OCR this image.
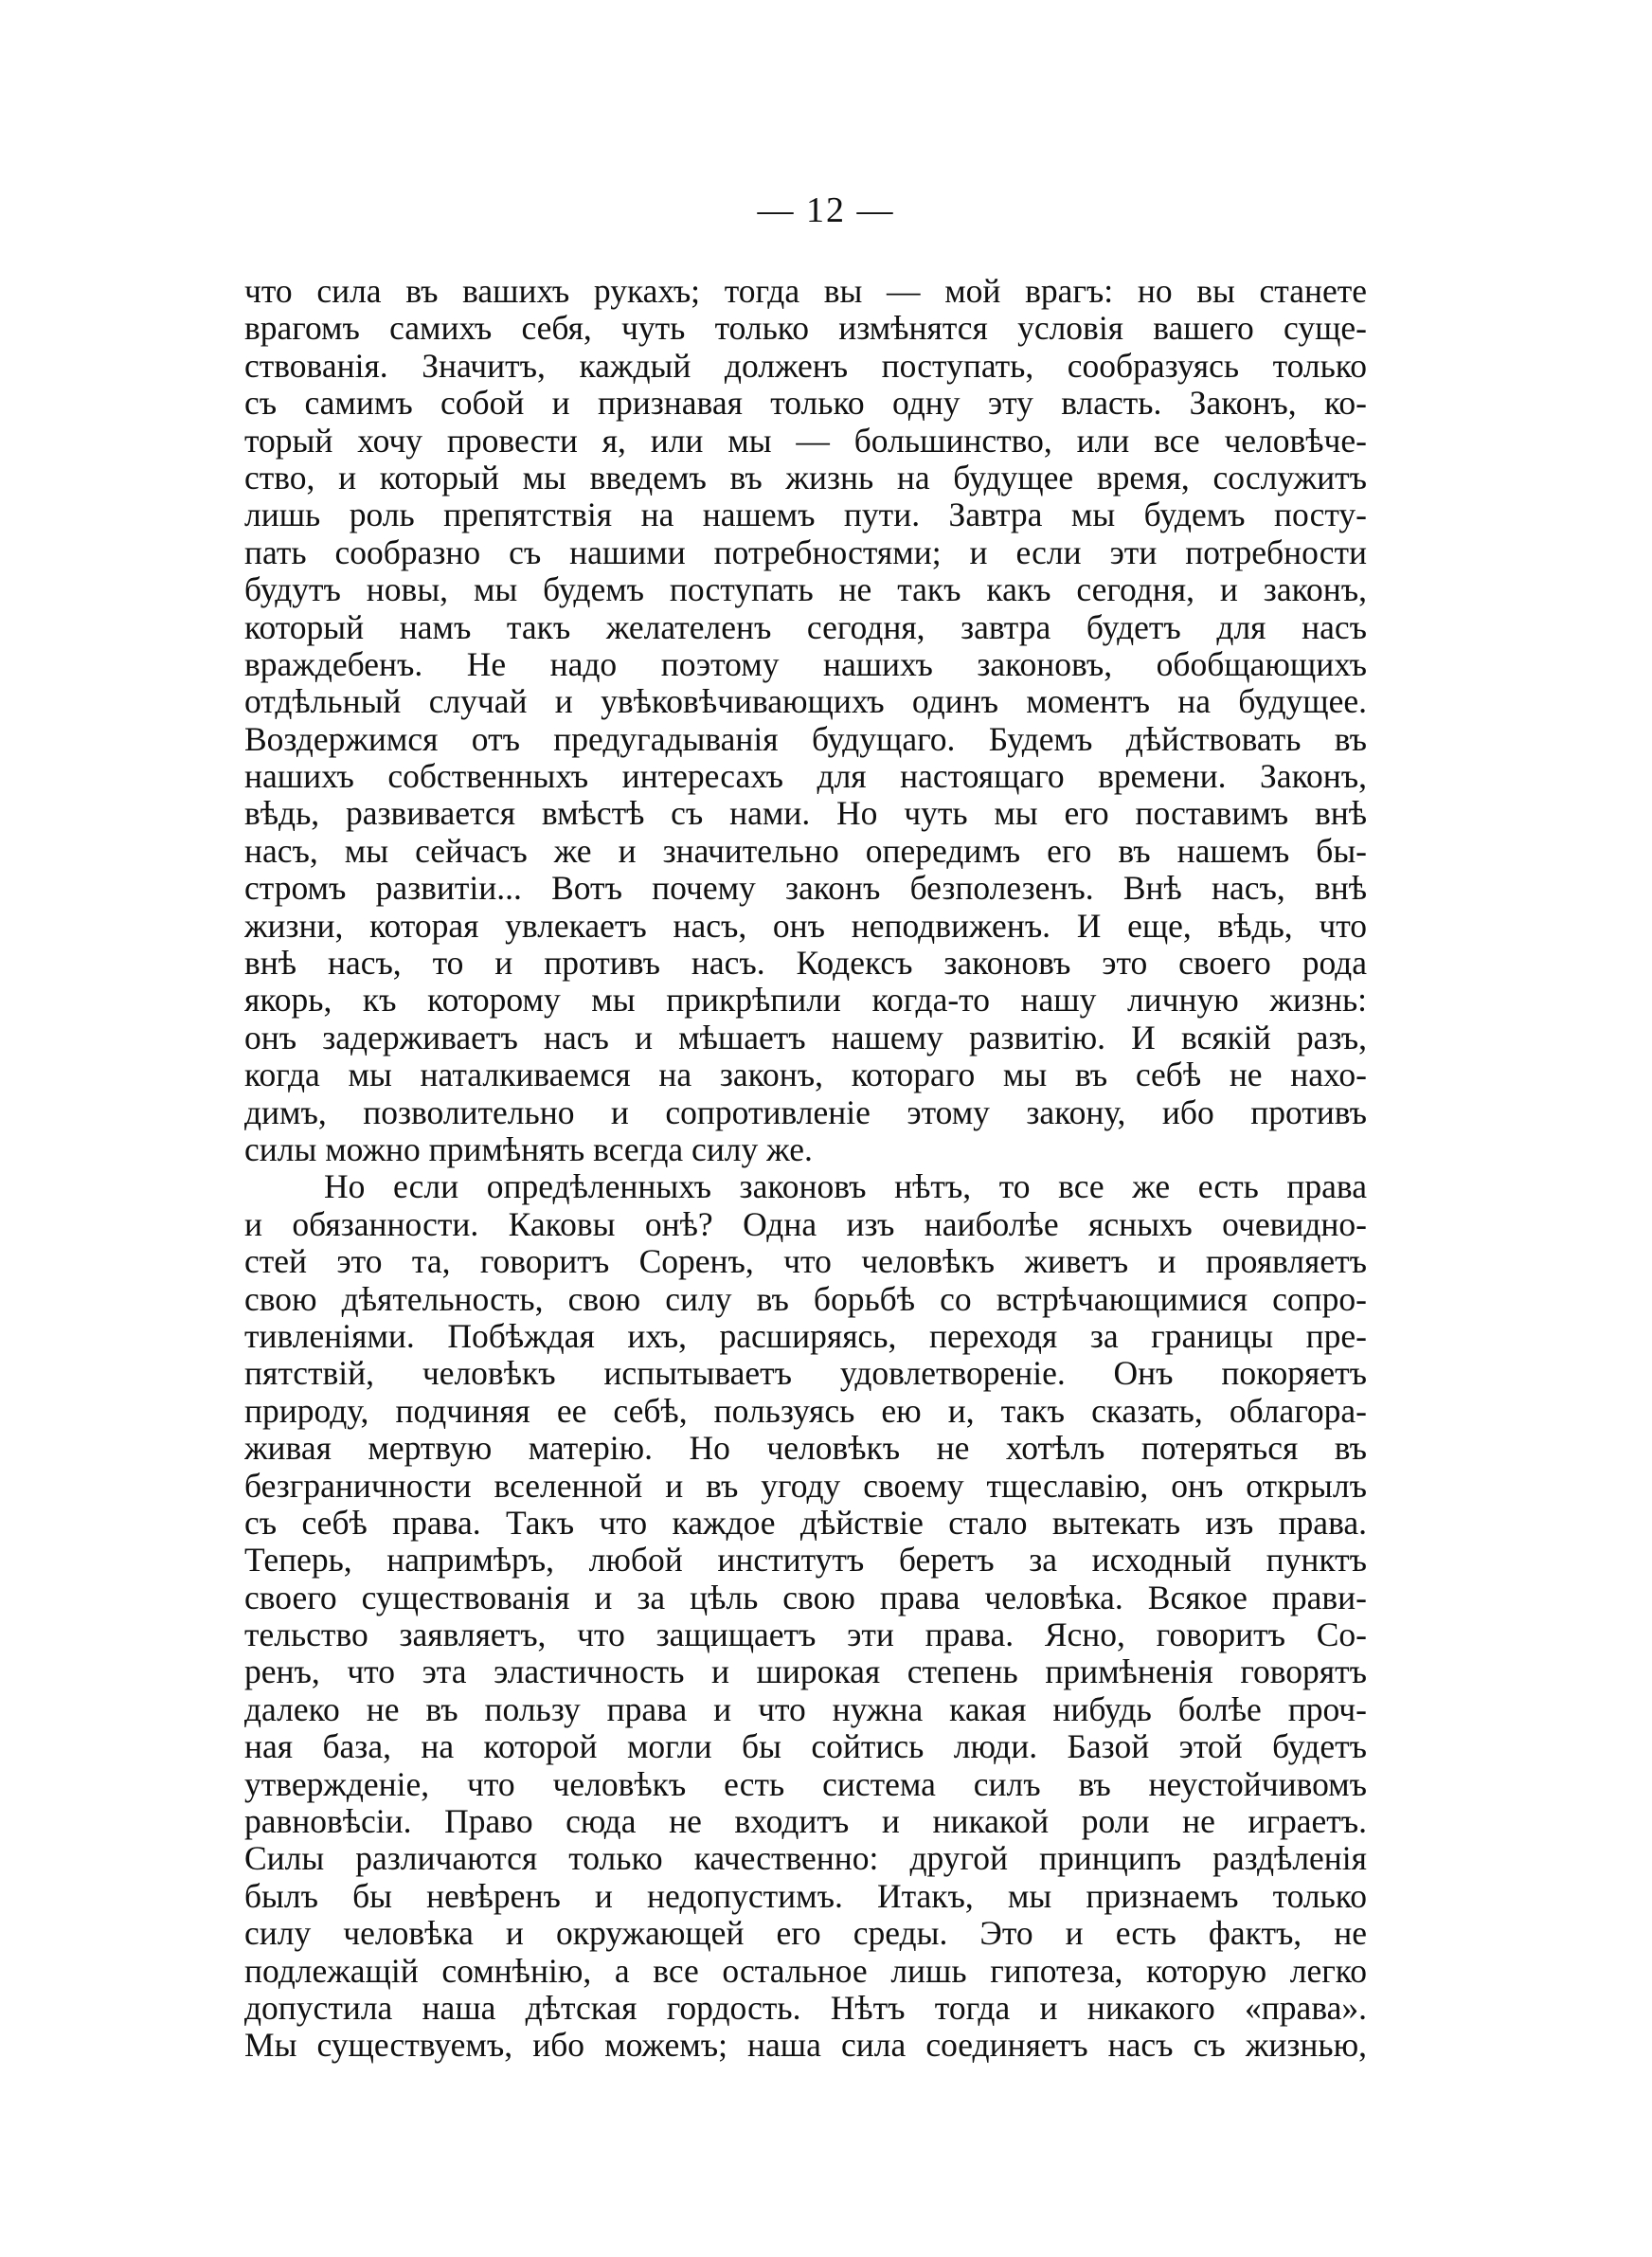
— 12 —
что сила въ вашихъ рукахъ; тогда вы — мой врагъ: но вы станете
врагомъ самихъ себя, чуть только измѣнятся условія вашего суще-
ствованія. Значитъ, каждый долженъ поступать, сообразуясь только
съ самимъ собой и признавая только одну эту власть. Законъ, ко-
торый хочу провести я, или мы — большинство, или все человѣче-
ство, и который мы введемъ въ жизнь на будущее время, сослужитъ
лишь роль препятствія на нашемъ пути. Завтра мы будемъ посту-
пать сообразно съ нашими потребностями; и если эти потребности
будутъ новы, мы будемъ поступать не такъ какъ сегодня, и законъ,
который намъ такъ желателенъ сегодня, завтра будетъ для насъ
враждебенъ. Не надо поэтому нашихъ законовъ, обобщающихъ
отдѣльный случай и увѣковѣчивающихъ одинъ моментъ на будущее.
Воздержимся отъ предугадыванія будущаго. Будемъ дѣйствовать въ
нашихъ собственныхъ интересахъ для настоящаго времени. Законъ,
вѣдь, развивается вмѣстѣ съ нами. Но чуть мы его поставимъ внѣ
насъ, мы сейчасъ же и значительно опередимъ его въ нашемъ бы-
стромъ развитіи... Вотъ почему законъ безполезенъ. Внѣ насъ, внѣ
жизни, которая увлекаетъ насъ, онъ неподвиженъ. И еще, вѣдь, что
внѣ насъ, то и противъ насъ. Кодексъ законовъ это своего рода
якорь, къ которому мы прикрѣпили когда-то нашу личную жизнь:
онъ задерживаетъ насъ и мѣшаетъ нашему развитію. И всякій разъ,
когда мы наталкиваемся на законъ, котораго мы въ себѣ не нахо-
димъ, позволительно и сопротивленіе этому закону, ибо противъ
силы можно примѣнять всегда силу же.
Но если опредѣленныхъ законовъ нѣтъ, то все же есть права
и обязанности. Каковы онѣ? Одна изъ наиболѣе ясныхъ очевидно-
стей это та, говоритъ Соренъ, что человѣкъ живетъ и проявляетъ
свою дѣятельность, свою силу въ борьбѣ со встрѣчающимися сопро-
тивленіями. Побѣждая ихъ, расширяясь, переходя за границы пре-
пятствій, человѣкъ испытываетъ удовлетвореніе. Онъ покоряетъ
природу, подчиняя ее себѣ, пользуясь ею и, такъ сказать, облагора-
живая мертвую матерію. Но человѣкъ не хотѣлъ потеряться въ
безграничности вселенной и въ угоду своему тщеславію, онъ открылъ
съ себѣ права. Такъ что каждое дѣйствіе стало вытекать изъ права.
Теперь, напримѣръ, любой институтъ беретъ за исходный пунктъ
своего существованія и за цѣль свою права человѣка. Всякое прави-
тельство заявляетъ, что защищаетъ эти права. Ясно, говоритъ Со-
ренъ, что эта эластичность и широкая степень примѣненія говорятъ
далеко не въ пользу права и что нужна какая нибудь болѣе проч-
ная база, на которой могли бы сойтись люди. Базой этой будетъ
утвержденіе, что человѣкъ есть система силъ въ неустойчивомъ
равновѣсіи. Право сюда не входитъ и никакой роли не играетъ.
Силы различаются только качественно: другой принципъ раздѣленія
былъ бы невѣренъ и недопустимъ. Итакъ, мы признаемъ только
силу человѣка и окружающей его среды. Это и есть фактъ, не
подлежащій сомнѣнію, а все остальное лишь гипотеза, которую легко
допустила наша дѣтская гордость. Нѣтъ тогда и никакого «права».
Мы существуемъ, ибо можемъ; наша сила соединяетъ насъ съ жизнью,
